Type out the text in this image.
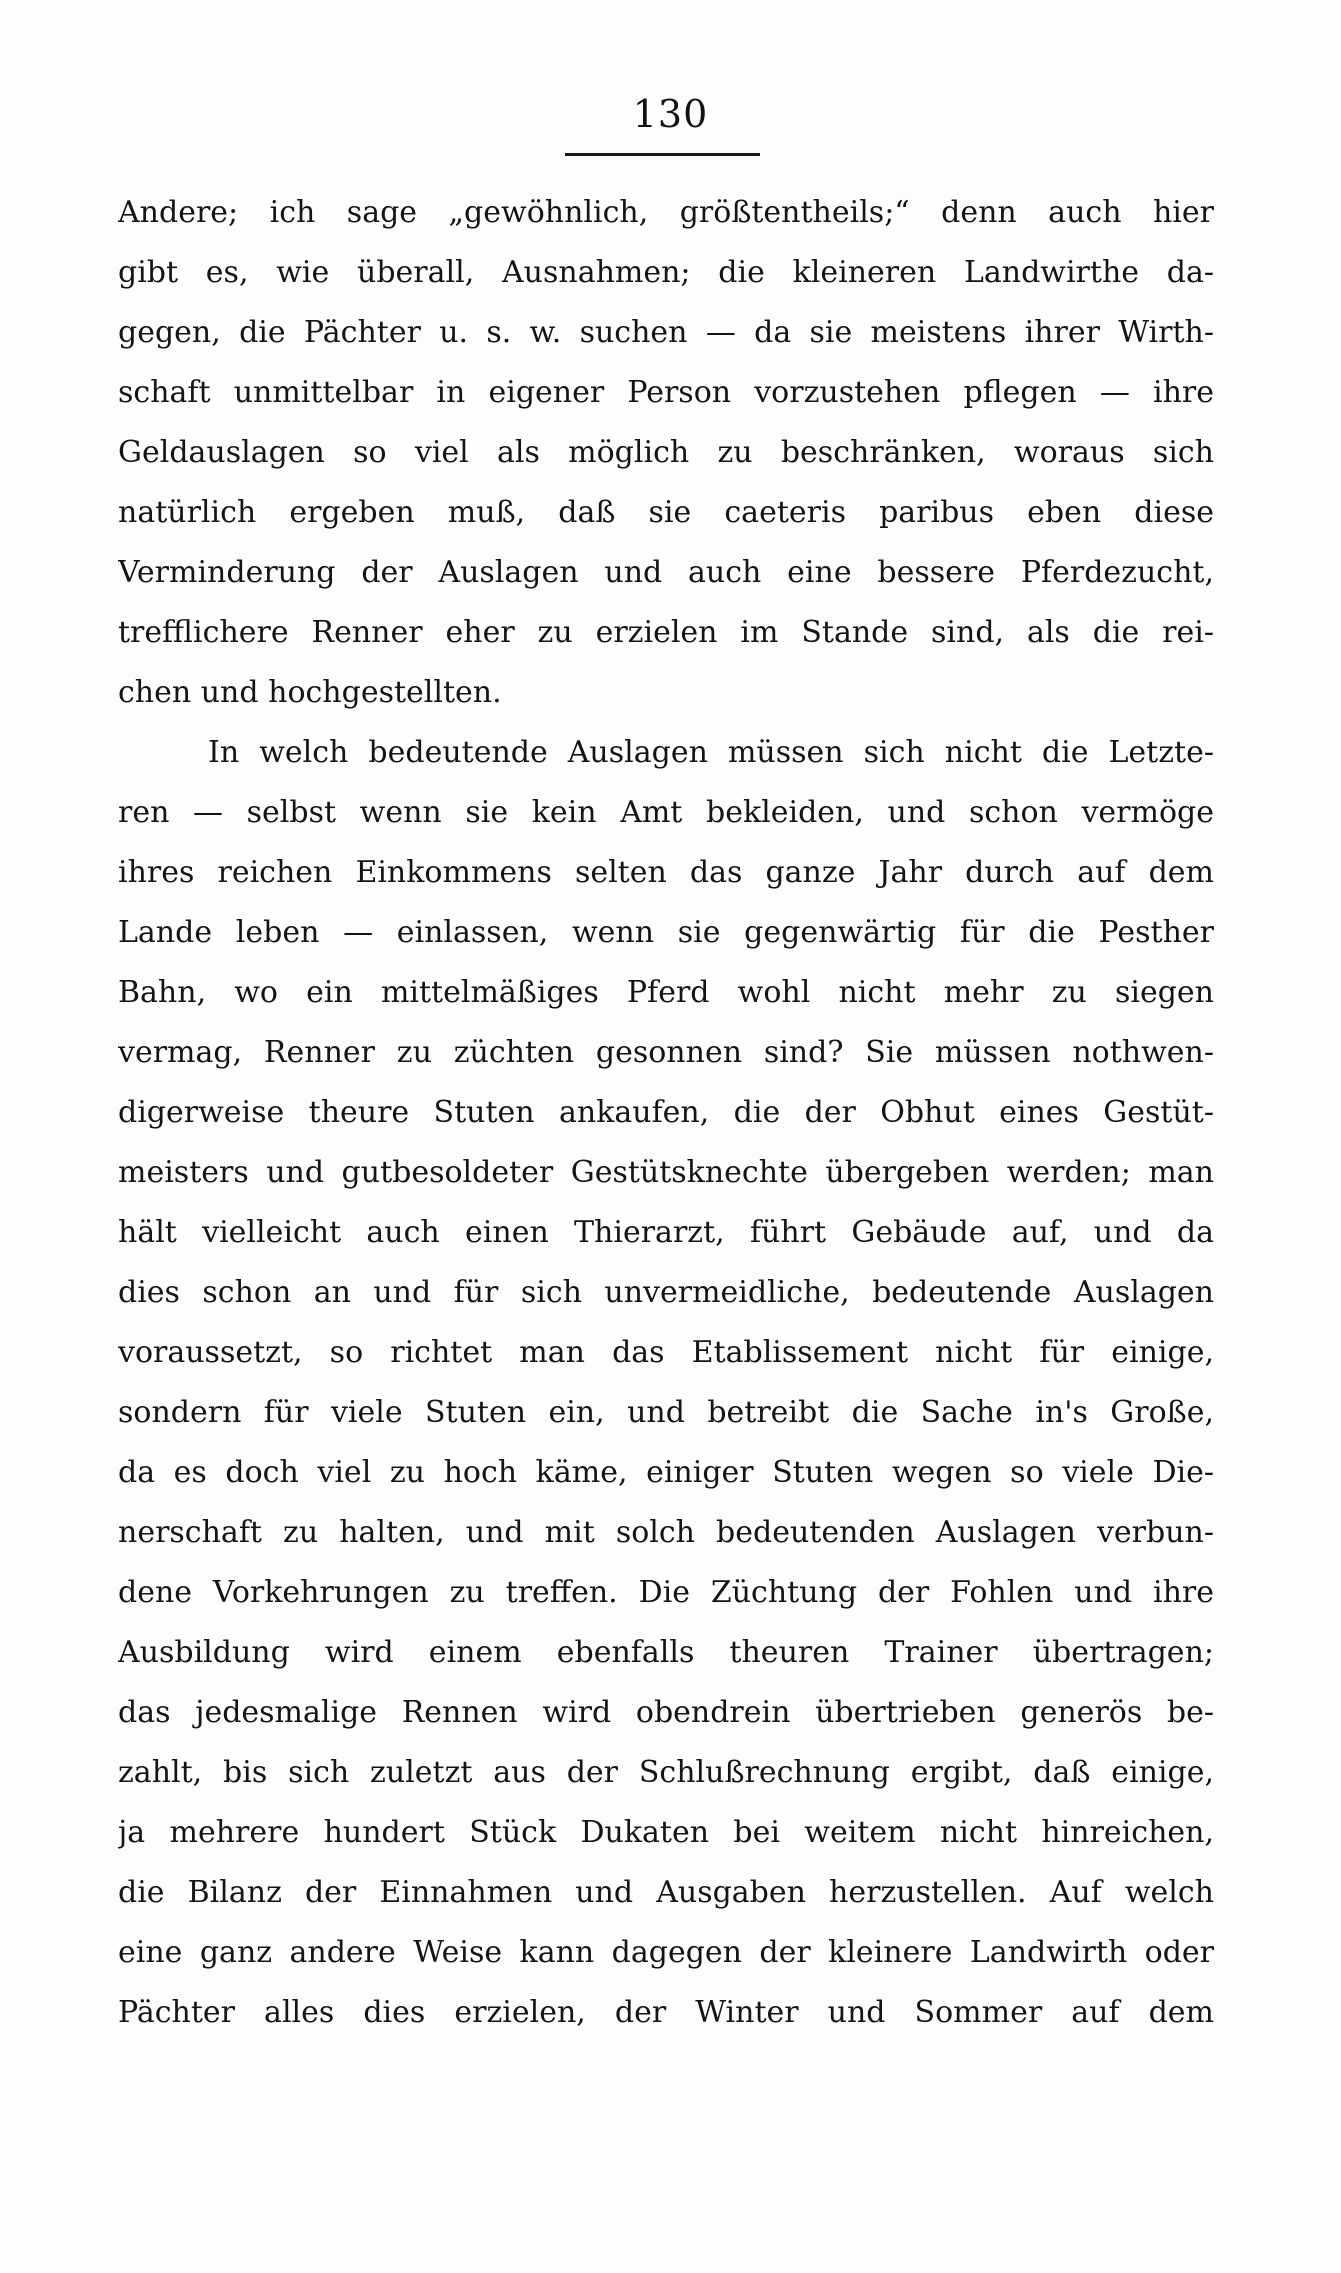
130
Andere; ich sage „gewöhnlich, größtentheils;“ denn auch hier
gibt es, wie überall, Ausnahmen; die kleineren Landwirthe da-
gegen, die Pächter u. s. w. suchen — da sie meistens ihrer Wirth-
schaft unmittelbar in eigener Person vorzustehen pflegen — ihre
Geldauslagen so viel als möglich zu beschränken, woraus sich
natürlich ergeben muß, daß sie caeteris paribus eben diese
Verminderung der Auslagen und auch eine bessere Pferdezucht,
trefflichere Renner eher zu erzielen im Stande sind, als die rei-
chen und hochgestellten.
In welch bedeutende Auslagen müssen sich nicht die Letzte-
ren — selbst wenn sie kein Amt bekleiden, und schon vermöge
ihres reichen Einkommens selten das ganze Jahr durch auf dem
Lande leben — einlassen, wenn sie gegenwärtig für die Pesther
Bahn, wo ein mittelmäßiges Pferd wohl nicht mehr zu siegen
vermag, Renner zu züchten gesonnen sind? Sie müssen nothwen-
digerweise theure Stuten ankaufen, die der Obhut eines Gestüt-
meisters und gutbesoldeter Gestütsknechte übergeben werden; man
hält vielleicht auch einen Thierarzt, führt Gebäude auf, und da
dies schon an und für sich unvermeidliche, bedeutende Auslagen
voraussetzt, so richtet man das Etablissement nicht für einige,
sondern für viele Stuten ein, und betreibt die Sache in's Große,
da es doch viel zu hoch käme, einiger Stuten wegen so viele Die-
nerschaft zu halten, und mit solch bedeutenden Auslagen verbun-
dene Vorkehrungen zu treffen. Die Züchtung der Fohlen und ihre
Ausbildung wird einem ebenfalls theuren Trainer übertragen;
das jedesmalige Rennen wird obendrein übertrieben generös be-
zahlt, bis sich zuletzt aus der Schlußrechnung ergibt, daß einige,
ja mehrere hundert Stück Dukaten bei weitem nicht hinreichen,
die Bilanz der Einnahmen und Ausgaben herzustellen. Auf welch
eine ganz andere Weise kann dagegen der kleinere Landwirth oder
Pächter alles dies erzielen, der Winter und Sommer auf dem
